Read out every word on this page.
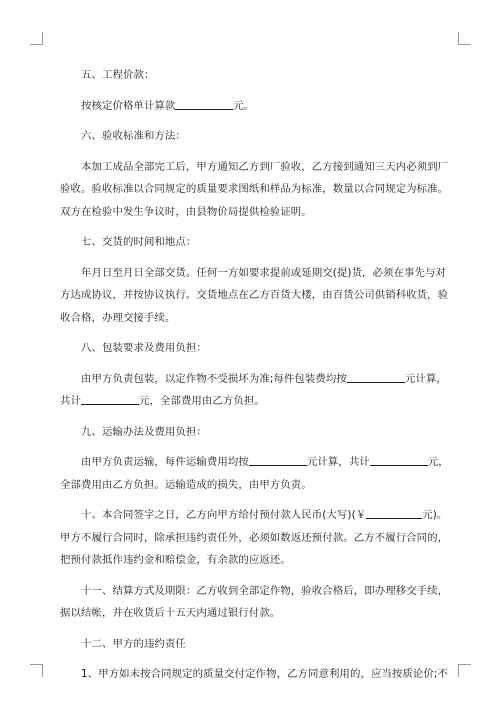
五、工程价款：
按核定价格单计算款	元。
六、验收标准和方法：
本加工成品全部完工后，甲方通知乙方到厂验收，乙方接到通知三天内必须到厂
验收。验收标准以合同规定的质量要求图纸和样品为标准，数量以合同规定为标准。
双方在检验中发生争议时，由县物价局提供检验证明。
七、交货的时间和地点：
年月日至月日全部交货。任何一方如要求提前或延期交(提)货，必须在事先与对
方达成协议，并按协议执行。交货地点在乙方百货大楼，由百货公司供销科收货，验
收合格，办理交接手续。
八、包装要求及费用负担：
由甲方负责包装，以定作物不受损坏为准;每件包装费均按	元计算，
共计	元，全部费用由乙方负担。
九、运输办法及费用负担：
由甲方负责运输，每件运输费用均按	元计算，共计	元，
全部费用由乙方负担。运输造成的损失，由甲方负责。
十、本合同签字之日，乙方向甲方给付预付款人民币(大写)(￥	元)。
甲方不履行合同时，除承担违约责任外，必须如数返还预付款。乙方不履行合同的，
把预付款抵作违约金和赔偿金，有余款的应返还。
十一、结算方式及期限：乙方收到全部定作物，验收合格后，即办理移交手续，
据以结帐，并在收货后十五天内通过银行付款。
十二、甲方的违约责任
1、甲方如未按合同规定的质量交付定作物，乙方同意利用的，应当按质论价;不
